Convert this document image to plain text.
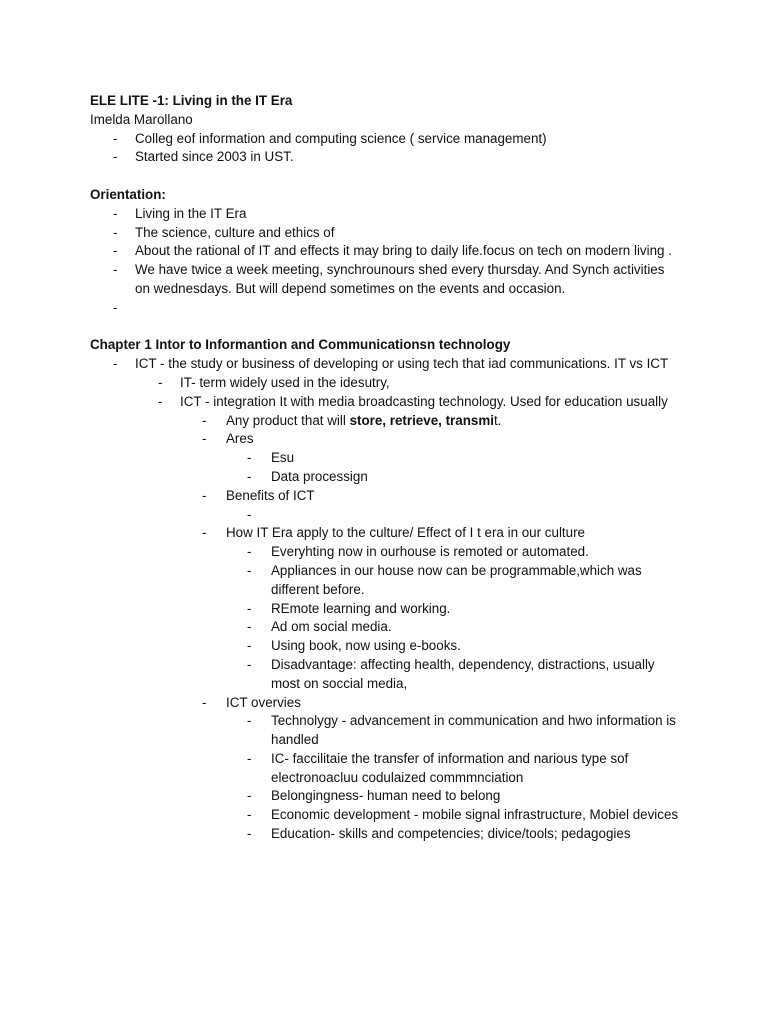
ELE LITE -1: Living in the IT Era
Imelda Marollano
- Colleg eof information and computing science ( service management)
- Started since 2003 in UST.
Orientation:
- Living in the IT Era
- The science, culture and ethics of
- About the rational of IT and effects it may bring to daily life.focus on tech on modern living .
- We have twice a week meeting, synchrounours shed every thursday. And Synch activities on wednesdays. But will depend sometimes on the events and occasion.
-
Chapter 1 Intor to Informantion and Communicationsn technology
- ICT - the study or business of developing or using tech that iad communications. IT vs ICT
- IT- term widely used in the idesutry,
- ICT - integration It with media broadcasting technology. Used for education usually
- Any product that will store, retrieve, transmit.
- Ares
- Esu
- Data processign
- Benefits of ICT
-
- How IT Era apply to the culture/ Effect of I t era in our culture
- Everyhting now in ourhouse is remoted or automated.
- Appliances in our house now can be programmable,which was different before.
- REmote learning and working.
- Ad om social media.
- Using book, now using e-books.
- Disadvantage: affecting health, dependency, distractions, usually most on soccial media,
- ICT overvies
- Technolygy - advancement in communication and hwo information is handled
- IC- faccilitaie the transfer of information and narious type sof electronoacluu codulaized commmnciation
- Belongingness- human need to belong
- Economic development - mobile signal infrastructure, Mobiel devices
- Education- skills and competencies; divice/tools; pedagogies
